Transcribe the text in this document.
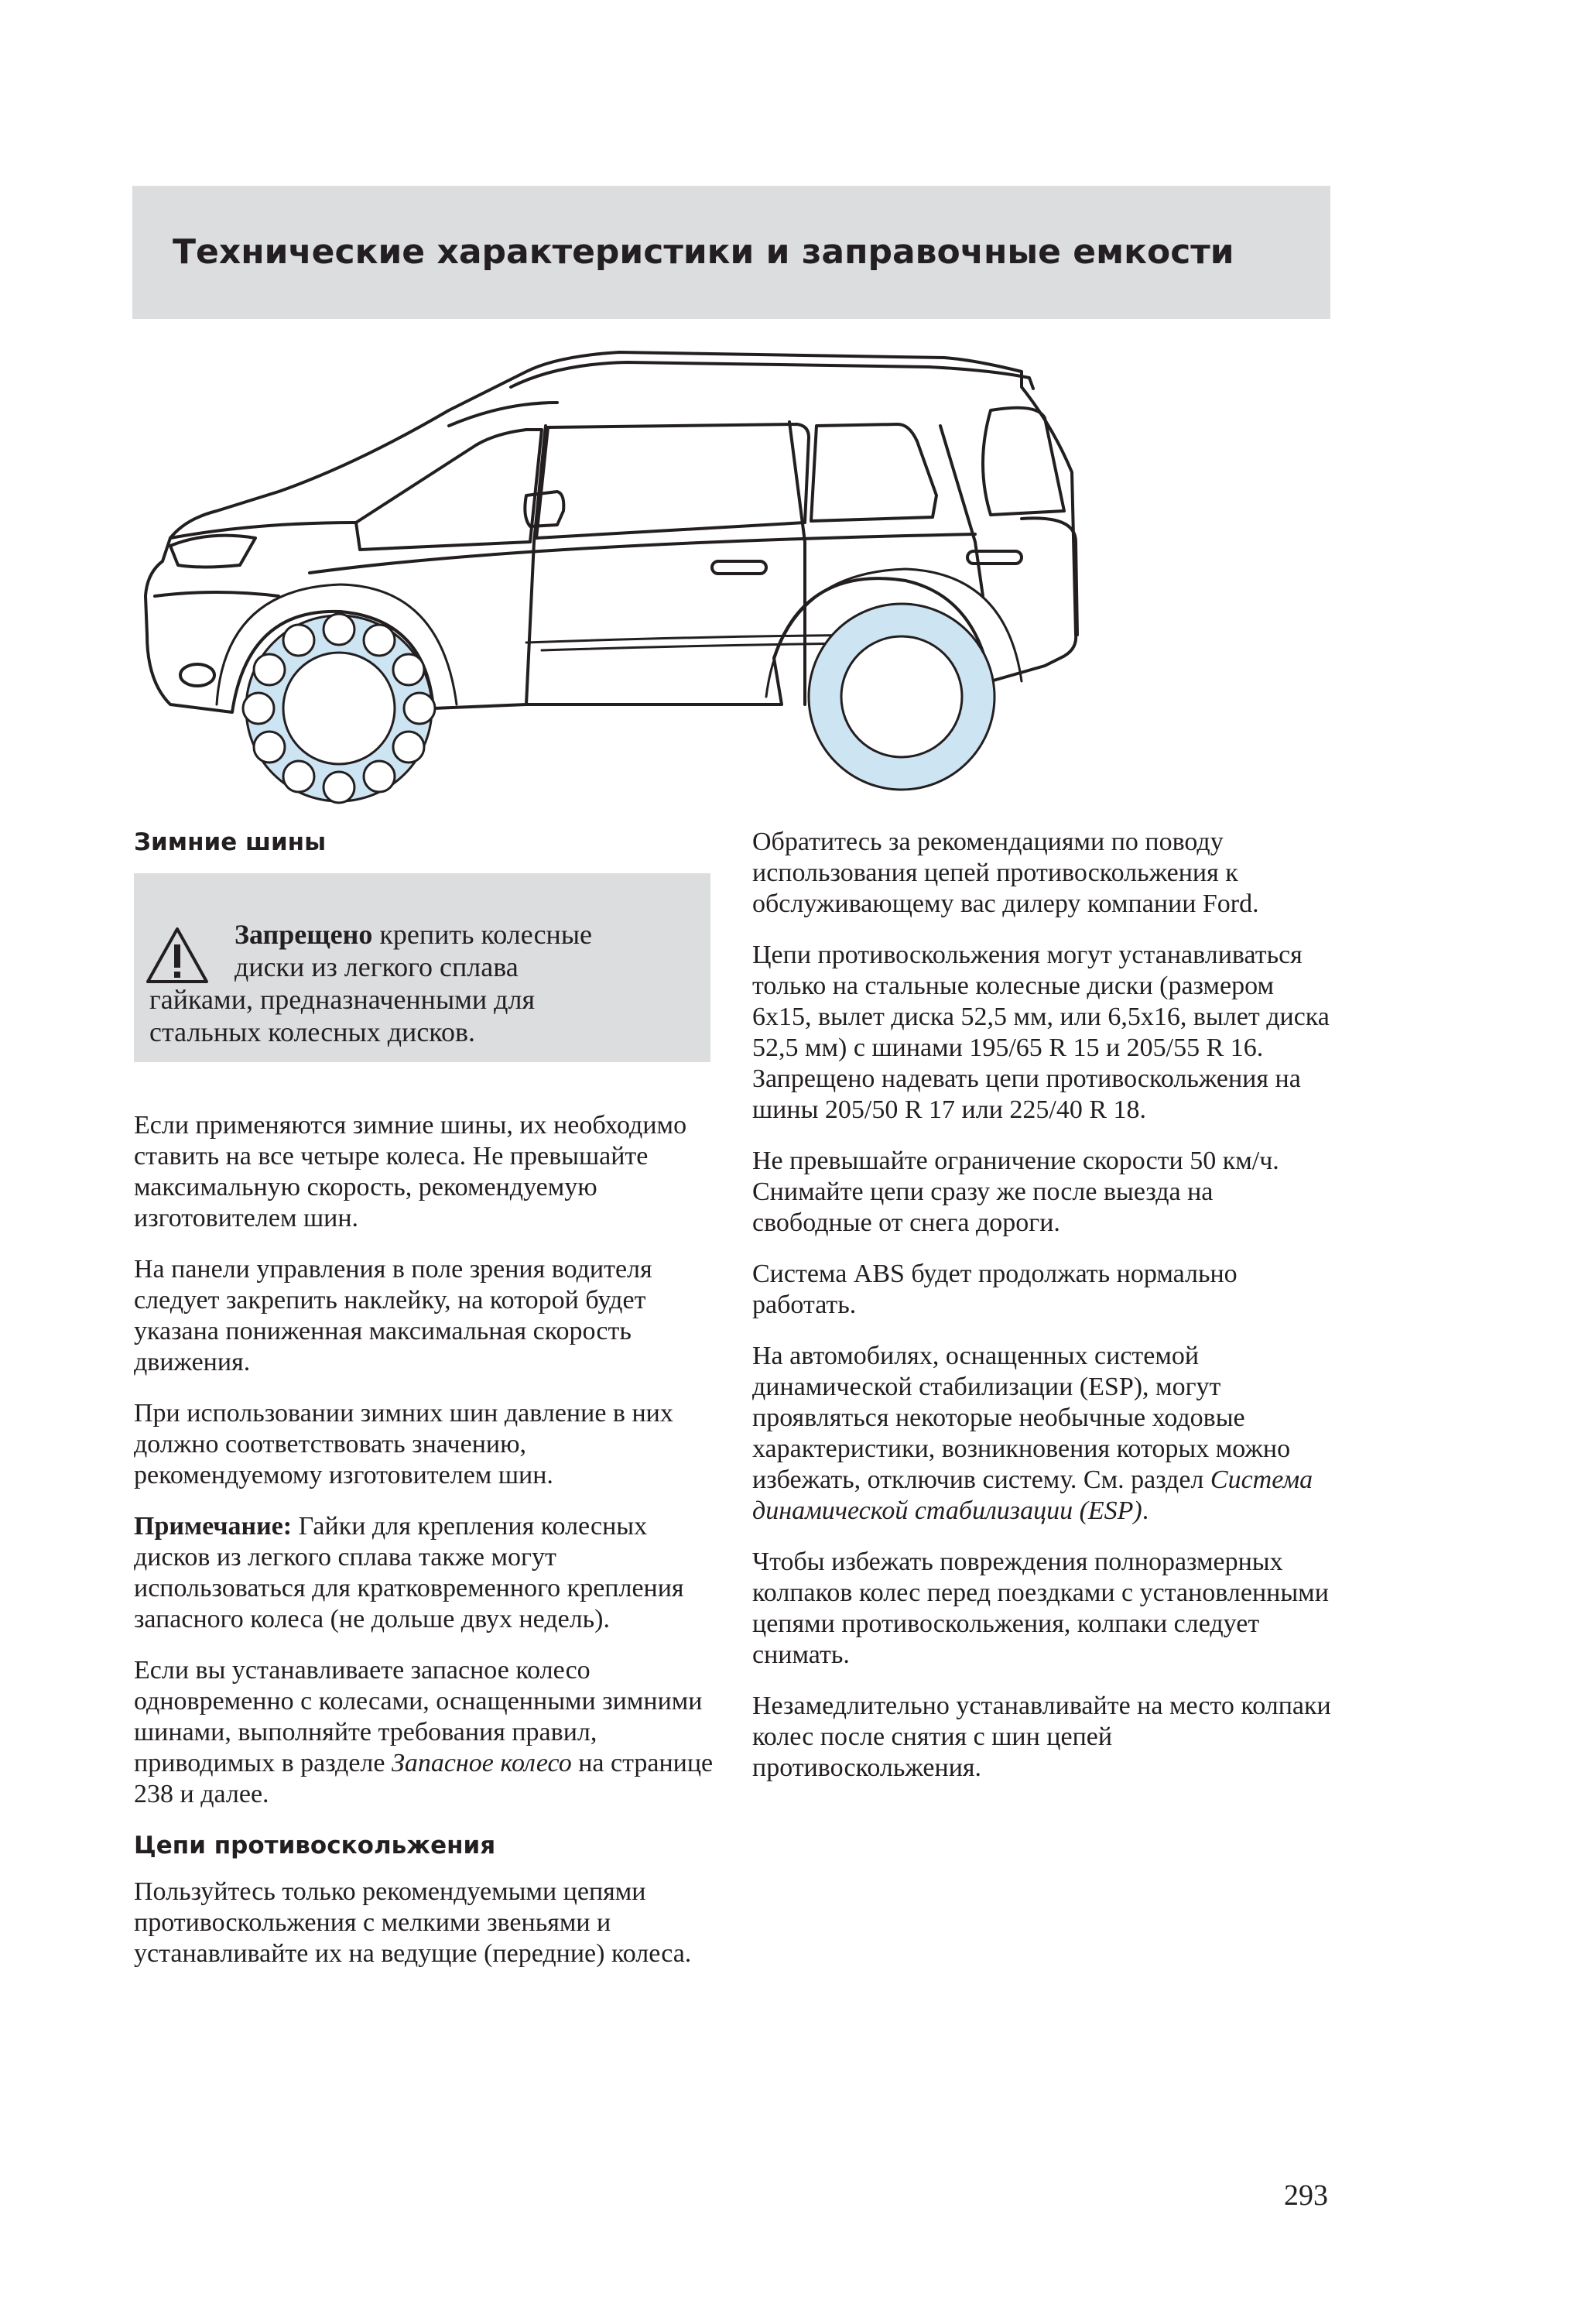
Технические характеристики и заправочные емкости
Зимние шины
Запрещено крепить колесные
диски из легкого сплава
гайками, предназначенными для
стальных колесных дисков.

Если применяются зимние шины, их необходимо ставить на все четыре колеса. Не превышайте максимальную скорость, рекомендуемую изготовителем шин.

На панели управления в поле зрения водителя следует закрепить наклейку, на которой будет указана пониженная максимальная скорость движения.

При использовании зимних шин давление в них должно соответствовать значению, рекомендуемому изготовителем шин.

Примечание: Гайки для крепления колесных дисков из легкого сплава также могут использоваться для кратковременного крепления запасного колеса (не дольше двух недель).

Если вы устанавливаете запасное колесо одновременно с колесами, оснащенными зимними шинами, выполняйте требования правил, приводимых в разделе Запасное колесо на странице 238 и далее.

Цепи противоскольжения

Пользуйтесь только рекомендуемыми цепями противоскольжения с мелкими звеньями и устанавливайте их на ведущие (передние) колеса.

Обратитесь за рекомендациями по поводу использования цепей противоскольжения к обслуживающему вас дилеру компании Ford.

Цепи противоскольжения могут устанавливаться только на стальные колесные диски (размером 6x15, вылет диска 52,5 мм, или 6,5x16, вылет диска 52,5 мм) с шинами 195/65 R 15 и 205/55 R 16. Запрещено надевать цепи противоскольжения на шины 205/50 R 17 или 225/40 R 18.

Не превышайте ограничение скорости 50 км/ч. Снимайте цепи сразу же после выезда на свободные от снега дороги.

Система ABS будет продолжать нормально работать.

На автомобилях, оснащенных системой динамической стабилизации (ESP), могут проявляться некоторые необычные ходовые характеристики, возникновения которых можно избежать, отключив систему. См. раздел Система динамической стабилизации (ESP).

Чтобы избежать повреждения полноразмерных колпаков колес перед поездками с установленными цепями противоскольжения, колпаки следует снимать.

Незамедлительно устанавливайте на место колпаки колес после снятия с шин цепей противоскольжения.

293
